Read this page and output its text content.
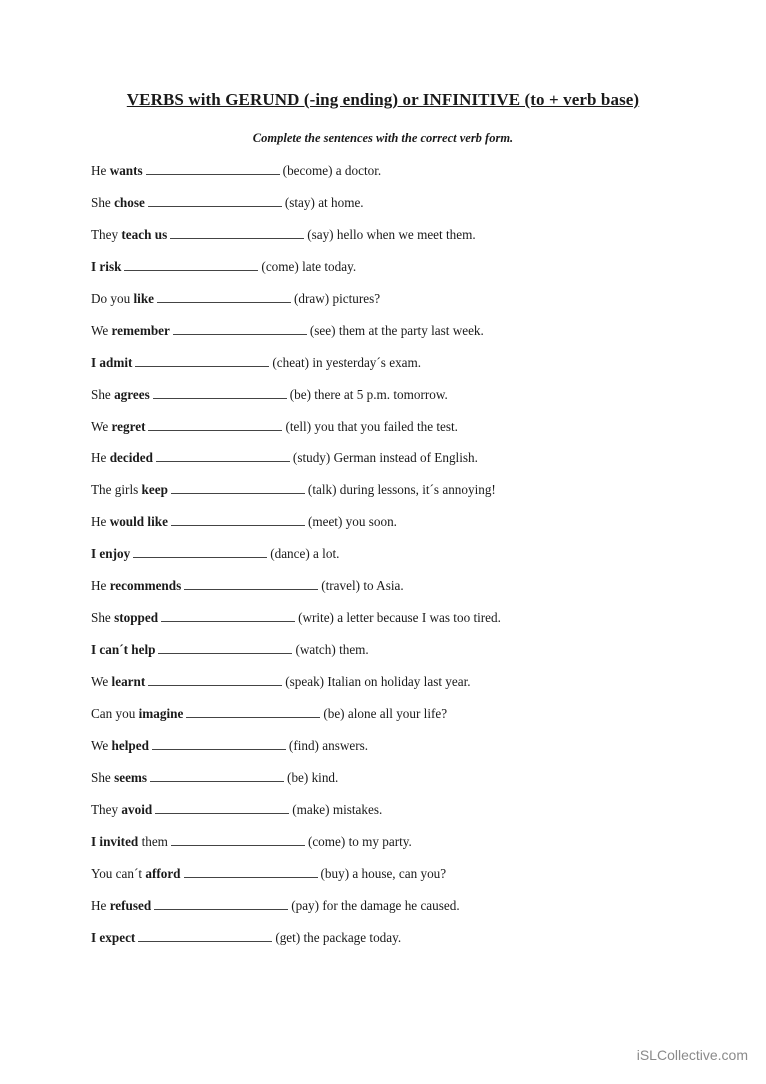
VERBS with GERUND (-ing ending) or INFINITIVE (to + verb base)
Complete the sentences with the correct verb form.
He wants	(become) a doctor.
She chose	(stay) at home.
They teach us	(say) hello when we meet them.
I risk	(come) late today.
Do you like	(draw) pictures?
We remember	(see) them at the party last week.
I admit	(cheat) in yesterday´s exam.
She agrees	(be) there at 5 p.m. tomorrow.
We regret	(tell) you that you failed the test.
He decided	(study) German instead of English.
The girls keep	(talk) during lessons, it´s annoying!
He would like	(meet) you soon.
I enjoy	(dance) a lot.
He recommends	(travel) to Asia.
She stopped	(write) a letter because I was too tired.
I can´t help	(watch) them.
We learnt	(speak) Italian on holiday last year.
Can you imagine	(be) alone all your life?
We helped	(find) answers.
She seems	(be) kind.
They avoid	(make) mistakes.
I invited them	(come) to my party.
You can´t afford	(buy) a house, can you?
He refused	(pay) for the damage he caused.
I expect	(get) the package today.
iSLCollective.com
